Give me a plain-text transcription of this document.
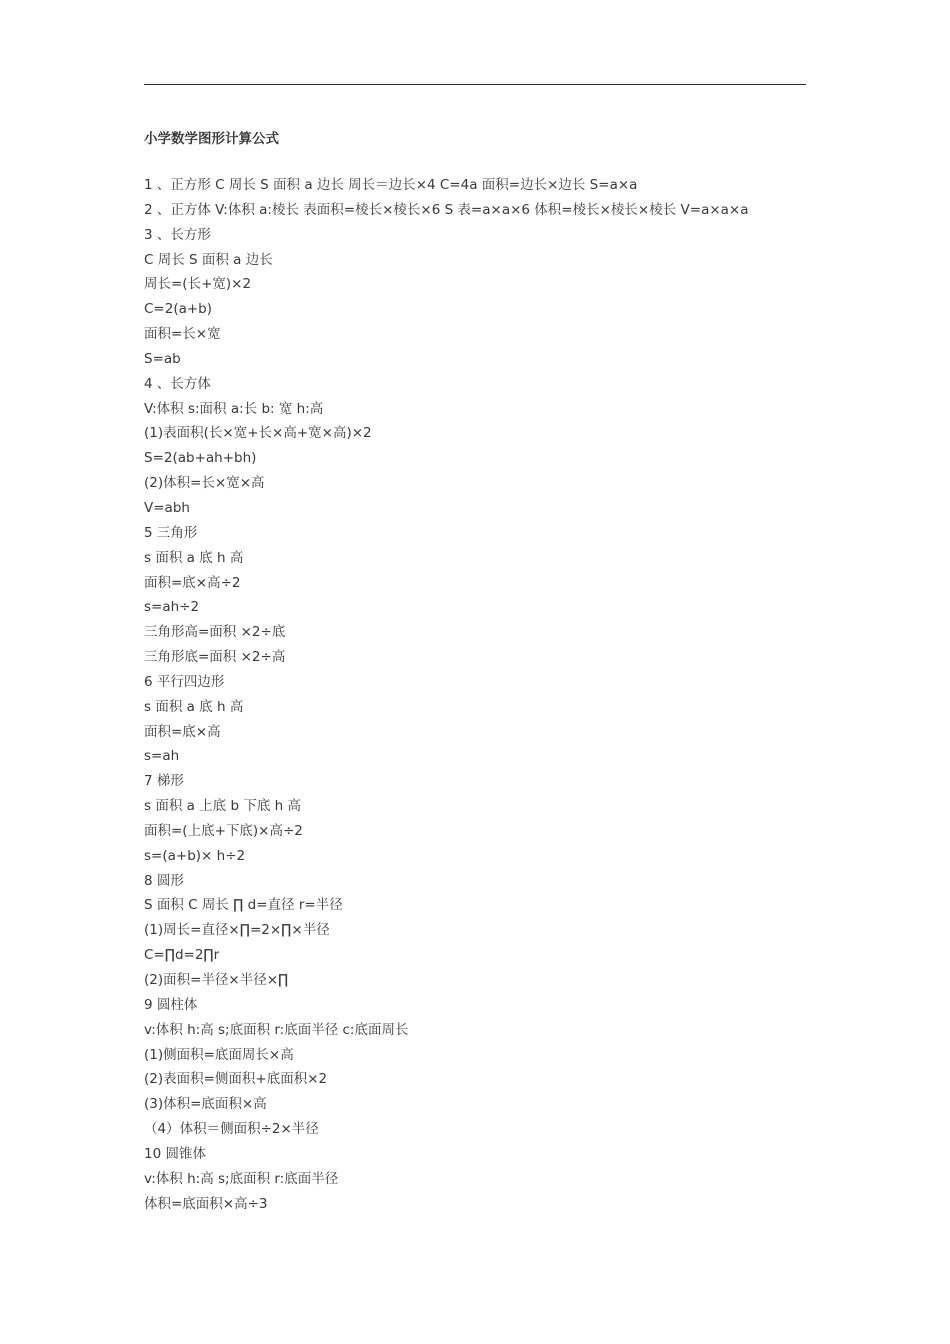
小学数学图形计算公式
1 、正方形 C 周长 S 面积 a 边长 周长＝边长×4 C=4a 面积=边长×边长 S=a×a
2 、正方体 V:体积 a:棱长 表面积=棱长×棱长×6 S 表=a×a×6 体积=棱长×棱长×棱长 V=a×a×a
3 、长方形
C 周长 S 面积 a 边长
周长=(长+宽)×2
C=2(a+b)
面积=长×宽
S=ab
4 、长方体
V:体积 s:面积 a:长 b: 宽 h:高
(1)表面积(长×宽+长×高+宽×高)×2
S=2(ab+ah+bh)
(2)体积=长×宽×高
V=abh
5 三角形
s 面积 a 底 h 高
面积=底×高÷2
s=ah÷2
三角形高=面积 ×2÷底
三角形底=面积 ×2÷高
6 平行四边形
s 面积 a 底 h 高
面积=底×高
s=ah
7 梯形
s 面积 a 上底 b 下底 h 高
面积=(上底+下底)×高÷2
s=(a+b)× h÷2
8 圆形
S 面积 C 周长 ∏ d=直径 r=半径
(1)周长=直径×∏=2×∏×半径
C=∏d=2∏r
(2)面积=半径×半径×∏
9 圆柱体
v:体积 h:高 s;底面积 r:底面半径 c:底面周长
(1)侧面积=底面周长×高
(2)表面积=侧面积+底面积×2
(3)体积=底面积×高
（4）体积＝侧面积÷2×半径
10 圆锥体
v:体积 h:高 s;底面积 r:底面半径
体积=底面积×高÷3
